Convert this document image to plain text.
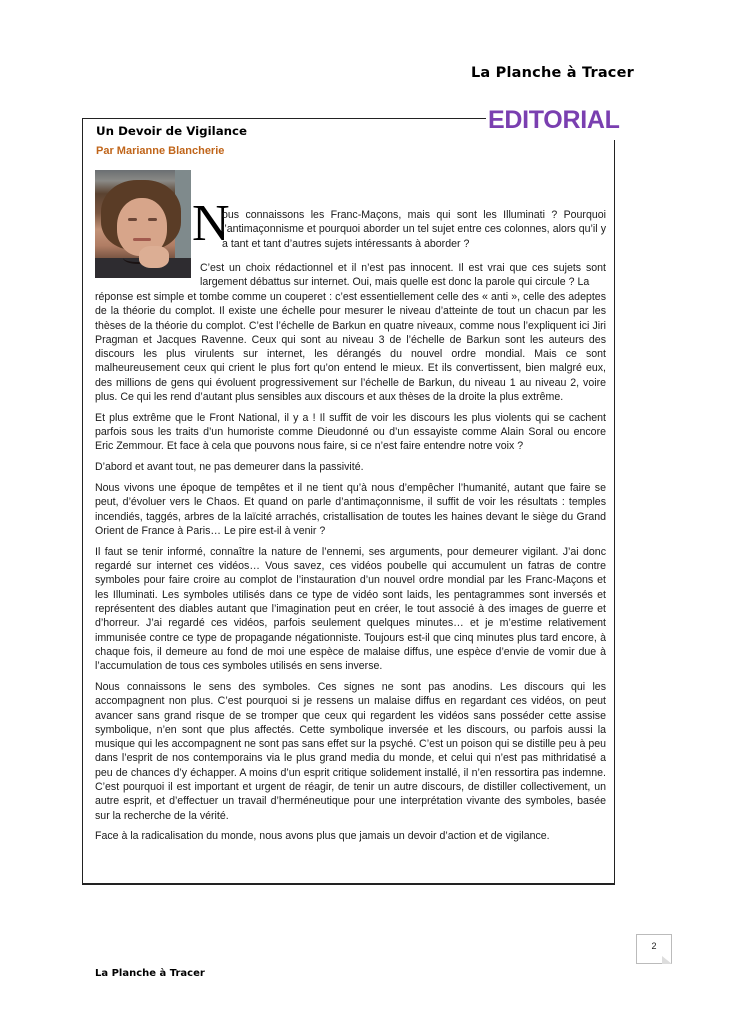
La Planche à Tracer
EDITORIAL
Un Devoir de Vigilance
Par Marianne Blancherie
N
ous connaissons les Franc-Maçons, mais qui sont les Illuminati ? Pourquoi l’antimaçonnisme et pourquoi aborder un tel sujet entre ces colonnes, alors qu’il y a tant et tant d’autres sujets intéressants à aborder ?
C’est un choix rédactionnel et il n’est pas innocent. Il est vrai que ces sujets sont largement débattus sur internet. Oui, mais quelle est donc la parole qui circule ? La

réponse est simple et tombe comme un couperet : c’est essentiellement celle des « anti », celle des adeptes de la théorie du complot. Il existe une échelle pour mesurer le niveau d’atteinte de tout un chacun par les thèses de la théorie du complot. C’est l’échelle de Barkun en quatre niveaux, comme nous l’expliquent ici Jiri Pragman et Jacques Ravenne. Ceux qui sont au niveau 3 de l’échelle de Barkun sont les auteurs des discours les plus virulents sur internet, les dérangés du nouvel ordre mondial. Mais ce sont malheureusement ceux qui crient le plus fort qu’on entend le mieux. Et ils convertissent, bien malgré eux, des millions de gens qui évoluent progressivement sur l’échelle de Barkun, du niveau 1 au niveau 2, voire plus. Ce qui les rend d’autant plus sensibles aux discours et aux thèses de la droite la plus extrême.

Et plus extrême que le Front National, il y a ! Il suffit de voir les discours les plus violents qui se cachent parfois sous les traits d’un humoriste comme Dieudonné ou d’un essayiste comme Alain Soral ou encore Eric Zemmour. Et face à cela que pouvons nous faire, si ce n’est faire entendre notre voix ?

D’abord et avant tout, ne pas demeurer dans la passivité.

Nous vivons une époque de tempêtes et il ne tient qu’à nous d’empêcher l’humanité, autant que faire se peut, d’évoluer vers le Chaos. Et quand on parle d’antimaçonnisme, il suffit de voir les résultats : temples incendiés, taggés, arbres de la laïcité arrachés, cristallisation de toutes les haines devant le siège du Grand Orient de France à Paris… Le pire est-il à venir ?

Il faut se tenir informé, connaître la nature de l’ennemi, ses arguments, pour demeurer vigilant. J’ai donc regardé sur internet ces vidéos… Vous savez, ces vidéos poubelle qui accumulent un fatras de contre symboles pour faire croire au complot de l’instauration d’un nouvel ordre mondial par les Franc-Maçons et les Illuminati. Les symboles utilisés dans ce type de vidéo sont laids, les pentagrammes sont inversés et représentent des diables autant que l’imagination peut en créer, le tout associé à des images de guerre et d’horreur. J’ai regardé ces vidéos, parfois seulement quelques minutes… et je m’estime relativement immunisée contre ce type de propagande négationniste. Toujours est-il que cinq minutes plus tard encore, à chaque fois, il demeure au fond de moi une espèce de malaise diffus, une espèce d’envie de vomir due à l’accumulation de tous ces symboles utilisés en sens inverse.

Nous connaissons le sens des symboles. Ces signes ne sont pas anodins. Les discours qui les accompagnent non plus. C’est pourquoi si je ressens un malaise diffus en regardant ces vidéos, on peut avancer sans grand risque de se tromper que ceux qui regardent les vidéos sans posséder cette assise symbolique, n’en sont que plus affectés. Cette symbolique inversée et les discours, ou parfois aussi la musique qui les accompagnent ne sont pas sans effet sur la psyché. C’est un poison qui se distille peu à peu dans l’esprit de nos contemporains via le plus grand media du monde, et celui qui n’est pas mithridatisé a peu de chances d’y échapper. A moins d’un esprit critique solidement installé, il n’en ressortira pas indemne. C’est pourquoi il est important et urgent de réagir, de tenir un autre discours, de distiller collectivement, un autre esprit, et d’effectuer un travail d’herméneutique pour une interprétation vivante des symboles, basée sur la recherche de la vérité.

Face à la radicalisation du monde, nous avons plus que jamais un devoir d’action et de vigilance.

2
La Planche à Tracer
